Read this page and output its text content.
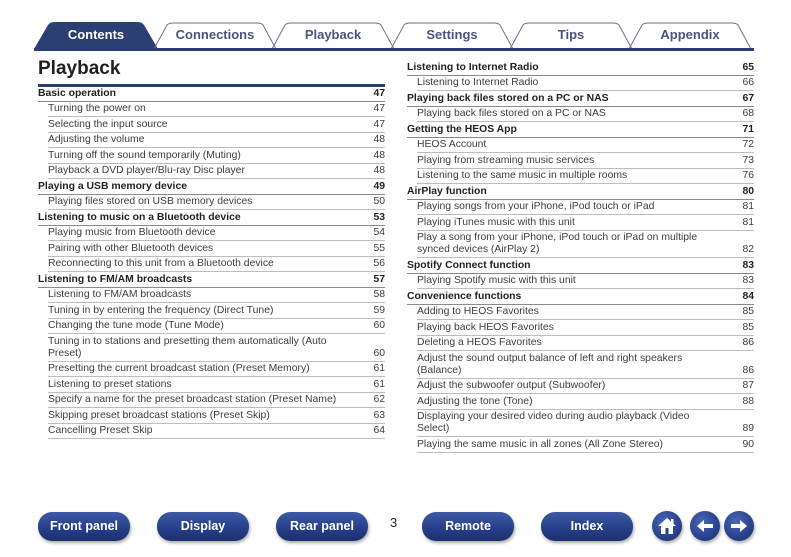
Contents	Connections	Playback	Settings	Tips	Appendix
Playback
Basic operation	47
Turning the power on	47
Selecting the input source	47
Adjusting the volume	48
Turning off the sound temporarily (Muting)	48
Playback a DVD player/Blu-ray Disc player	48
Playing a USB memory device	49
Playing files stored on USB memory devices	50
Listening to music on a Bluetooth device	53
Playing music from Bluetooth device	54
Pairing with other Bluetooth devices	55
Reconnecting to this unit from a Bluetooth device	56
Listening to FM/AM broadcasts	57
Listening to FM/AM broadcasts	58
Tuning in by entering the frequency (Direct Tune)	59
Changing the tune mode (Tune Mode)	60
Tuning in to stations and presetting them automatically (Auto Preset)	60
Presetting the current broadcast station (Preset Memory)	61
Listening to preset stations	61
Specify a name for the preset broadcast station (Preset Name)	62
Skipping preset broadcast stations (Preset Skip)	63
Cancelling Preset Skip	64
Listening to Internet Radio	65
Listening to Internet Radio	66
Playing back files stored on a PC or NAS	67
Playing back files stored on a PC or NAS	68
Getting the HEOS App	71
HEOS Account	72
Playing from streaming music services	73
Listening to the same music in multiple rooms	76
AirPlay function	80
Playing songs from your iPhone, iPod touch or iPad	81
Playing iTunes music with this unit	81
Play a song from your iPhone, iPod touch or iPad on multiple synced devices (AirPlay 2)	82
Spotify Connect function	83
Playing Spotify music with this unit	83
Convenience functions	84
Adding to HEOS Favorites	85
Playing back HEOS Favorites	85
Deleting a HEOS Favorites	86
Adjust the sound output balance of left and right speakers (Balance)	86
Adjust the subwoofer output (Subwoofer)	87
Adjusting the tone (Tone)	88
Displaying your desired video during audio playback (Video Select)	89
Playing the same music in all zones (All Zone Stereo)	90
Front panel	Display	Rear panel	3	Remote	Index
